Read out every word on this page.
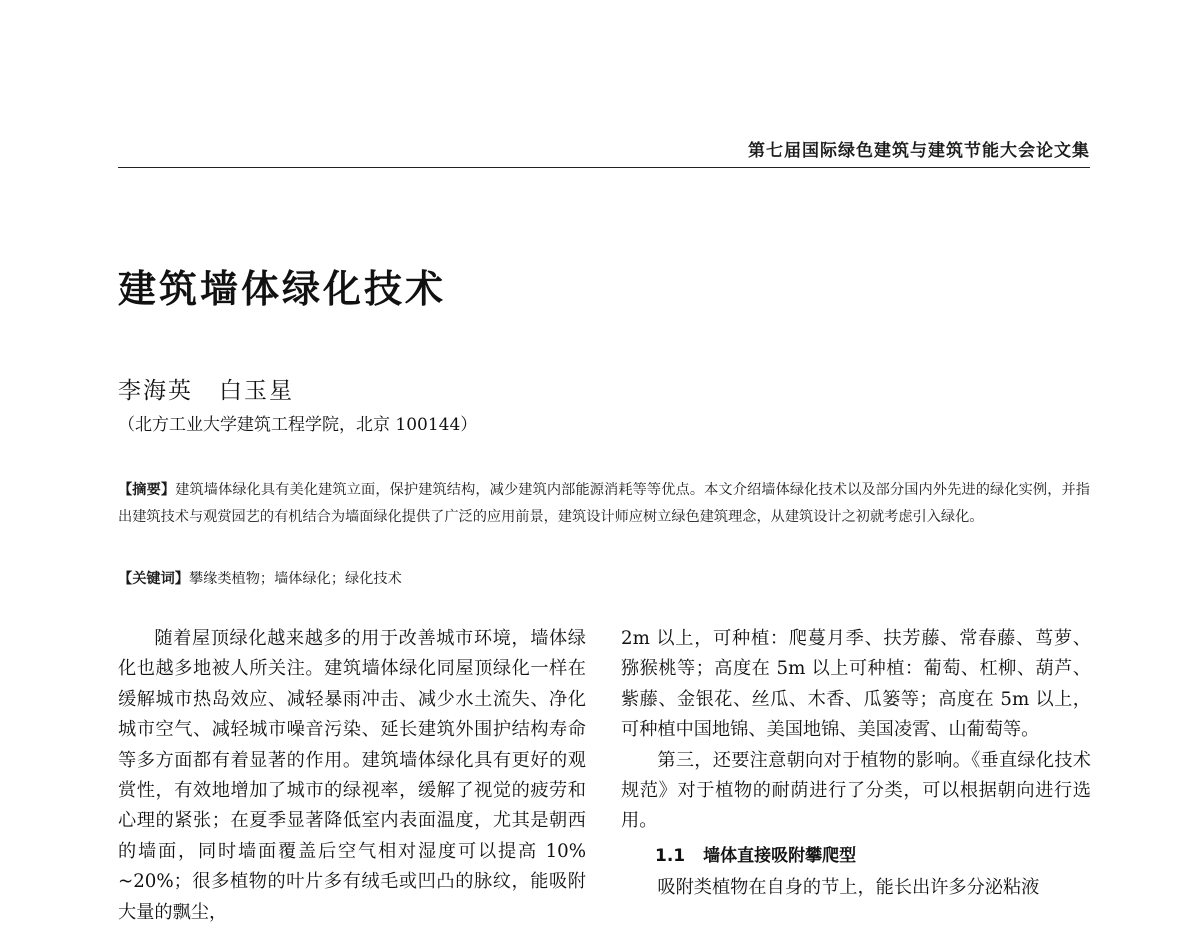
第七届国际绿色建筑与建筑节能大会论文集
建筑墙体绿化技术
李海英 白玉星
（北方工业大学建筑工程学院，北京 100144）
【摘要】建筑墙体绿化具有美化建筑立面，保护建筑结构，减少建筑内部能源消耗等等优点。本文介绍墙体绿化技术以及部分国内外先进的绿化实例，并指出建筑技术与观赏园艺的有机结合为墙面绿化提供了广泛的应用前景，建筑设计师应树立绿色建筑理念，从建筑设计之初就考虑引入绿化。
【关键词】攀缘类植物；墙体绿化；绿化技术

随着屋顶绿化越来越多的用于改善城市环境，墙体绿化也越多地被人所关注。建筑墙体绿化同屋顶绿化一样在缓解城市热岛效应、减轻暴雨冲击、减少水土流失、净化城市空气、减轻城市噪音污染、延长建筑外围护结构寿命等多方面都有着显著的作用。建筑墙体绿化具有更好的观赏性，有效地增加了城市的绿视率，缓解了视觉的疲劳和心理的紧张；在夏季显著降低室内表面温度，尤其是朝西的墙面，同时墙面覆盖后空气相对湿度可以提高 10% ~20%；很多植物的叶片多有绒毛或凹凸的脉纹，能吸附大量的飘尘，

2m 以上，可种植：爬蔓月季、扶芳藤、常春藤、茑萝、猕猴桃等；高度在 5m 以上可种植：葡萄、杠柳、葫芦、紫藤、金银花、丝瓜、木香、瓜篓等；高度在 5m 以上，可种植中国地锦、美国地锦、美国凌霄、山葡萄等。

第三，还要注意朝向对于植物的影响。《垂直绿化技术规范》对于植物的耐荫进行了分类，可以根据朝向进行选用。

1.1 墙体直接吸附攀爬型

吸附类植物在自身的节上，能长出许多分泌粘液
